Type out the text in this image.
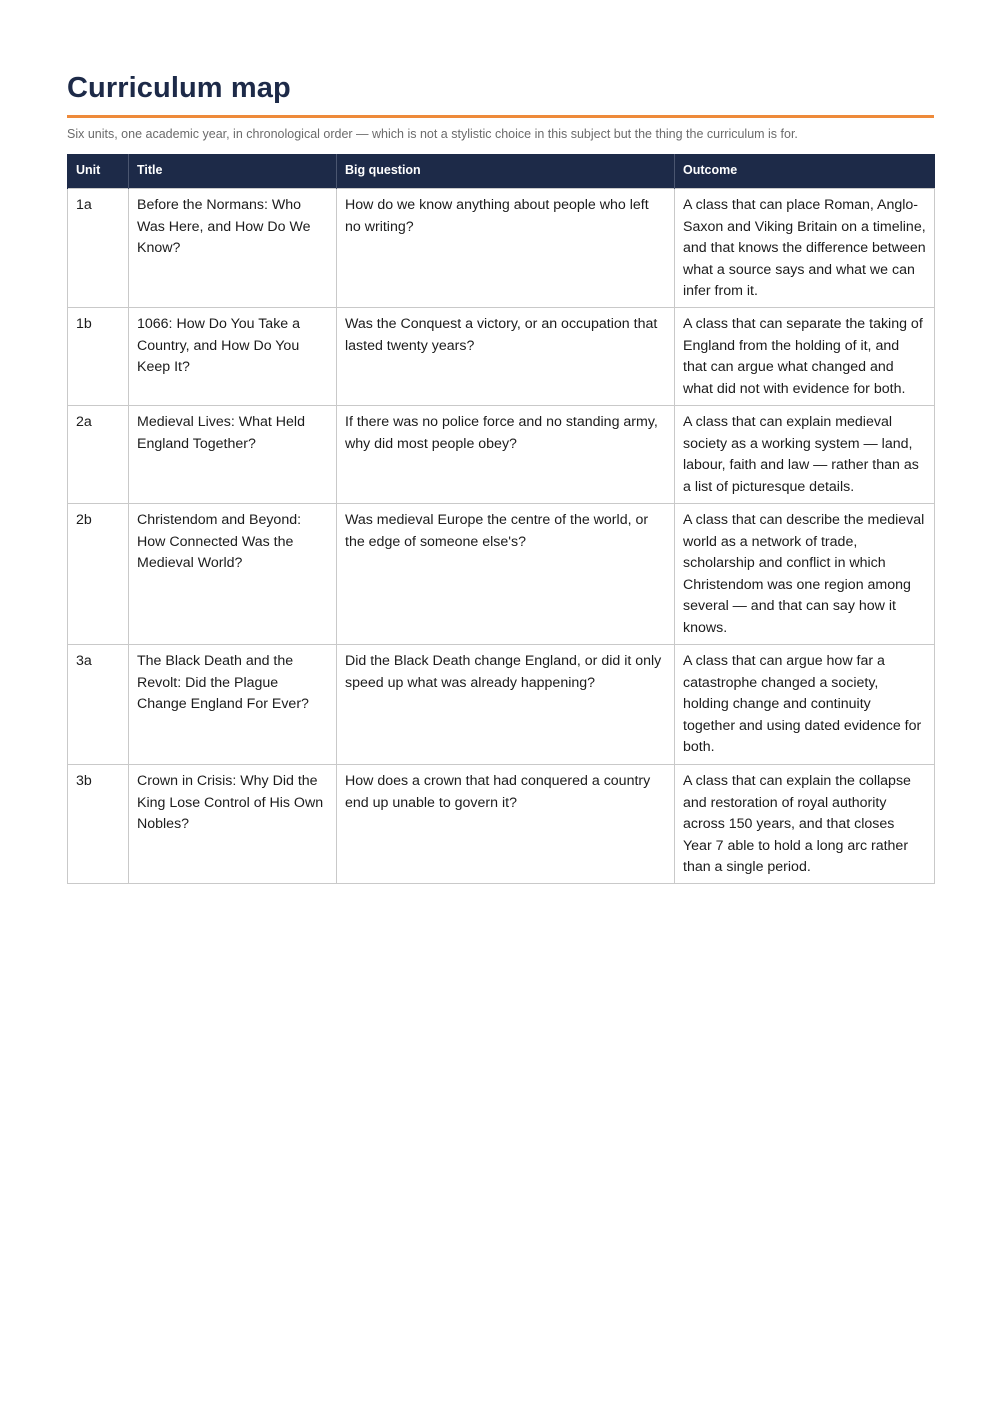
Curriculum map
Six units, one academic year, in chronological order — which is not a stylistic choice in this subject but the thing the curriculum is for.
Unit	Title	Big question	Outcome
1a	Before the Normans: Who Was Here, and How Do We Know?	How do we know anything about people who left no writing?	A class that can place Roman, Anglo-Saxon and Viking Britain on a timeline, and that knows the difference between what a source says and what we can infer from it.
1b	1066: How Do You Take a Country, and How Do You Keep It?	Was the Conquest a victory, or an occupation that lasted twenty years?	A class that can separate the taking of England from the holding of it, and that can argue what changed and what did not with evidence for both.
2a	Medieval Lives: What Held England Together?	If there was no police force and no standing army, why did most people obey?	A class that can explain medieval society as a working system — land, labour, faith and law — rather than as a list of picturesque details.
2b	Christendom and Beyond: How Connected Was the Medieval World?	Was medieval Europe the centre of the world, or the edge of someone else's?	A class that can describe the medieval world as a network of trade, scholarship and conflict in which Christendom was one region among several — and that can say how it knows.
3a	The Black Death and the Revolt: Did the Plague Change England For Ever?	Did the Black Death change England, or did it only speed up what was already happening?	A class that can argue how far a catastrophe changed a society, holding change and continuity together and using dated evidence for both.
3b	Crown in Crisis: Why Did the King Lose Control of His Own Nobles?	How does a crown that had conquered a country end up unable to govern it?	A class that can explain the collapse and restoration of royal authority across 150 years, and that closes Year 7 able to hold a long arc rather than a single period.
